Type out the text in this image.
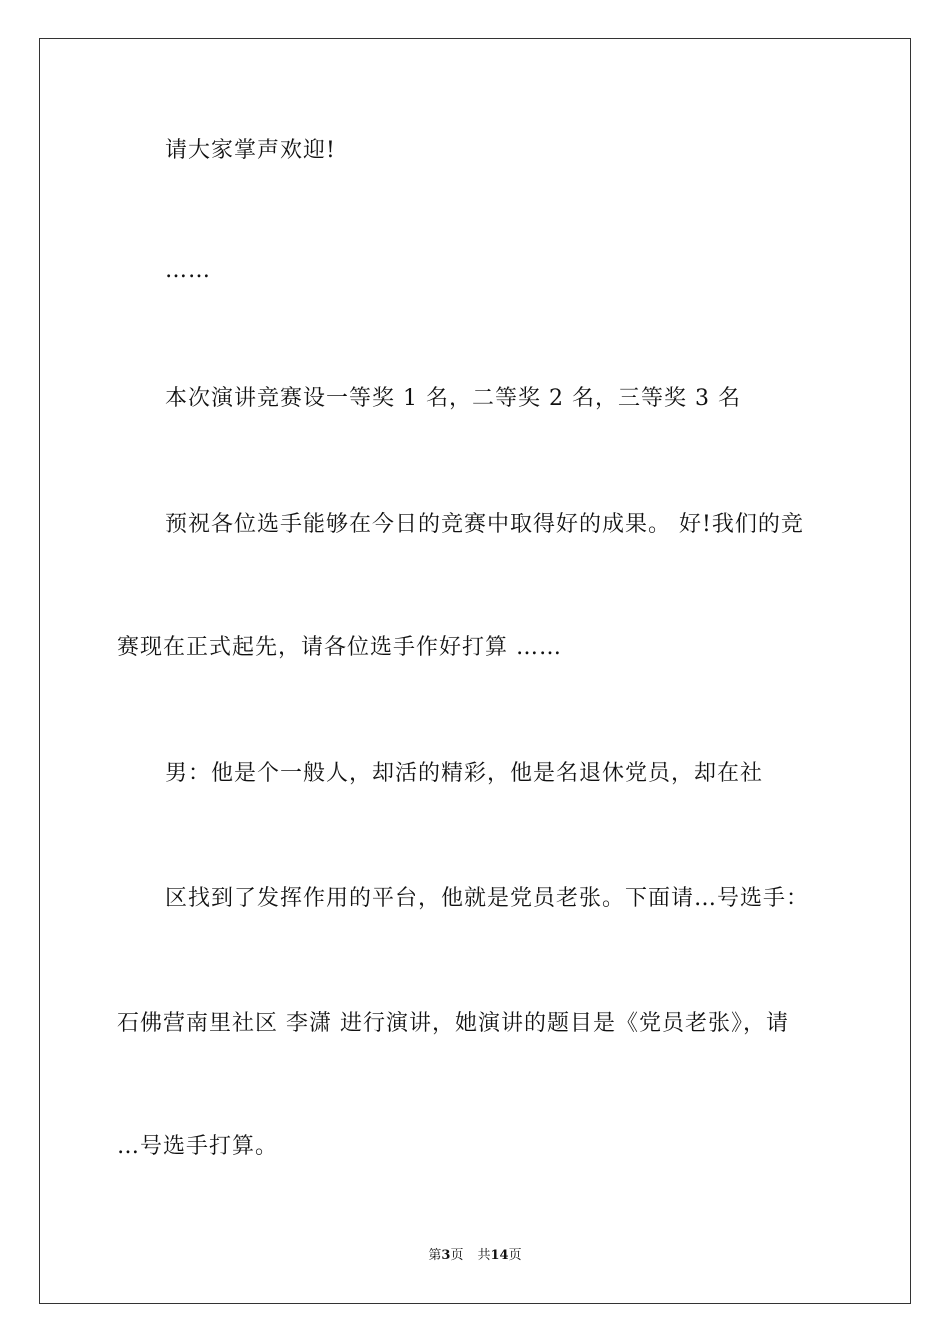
请大家掌声欢迎!
……
本次演讲竞赛设一等奖 1 名，二等奖 2 名，三等奖 3 名
预祝各位选手能够在今日的竞赛中取得好的成果。 好!我们的竞
赛现在正式起先，请各位选手作好打算 ……
男：他是个一般人，却活的精彩，他是名退休党员，却在社
区找到了发挥作用的平台，他就是党员老张。下面请…号选手：
石佛营南里社区 李潇 进行演讲，她演讲的题目是《党员老张》，请
…号选手打算。
第3页 共14页
